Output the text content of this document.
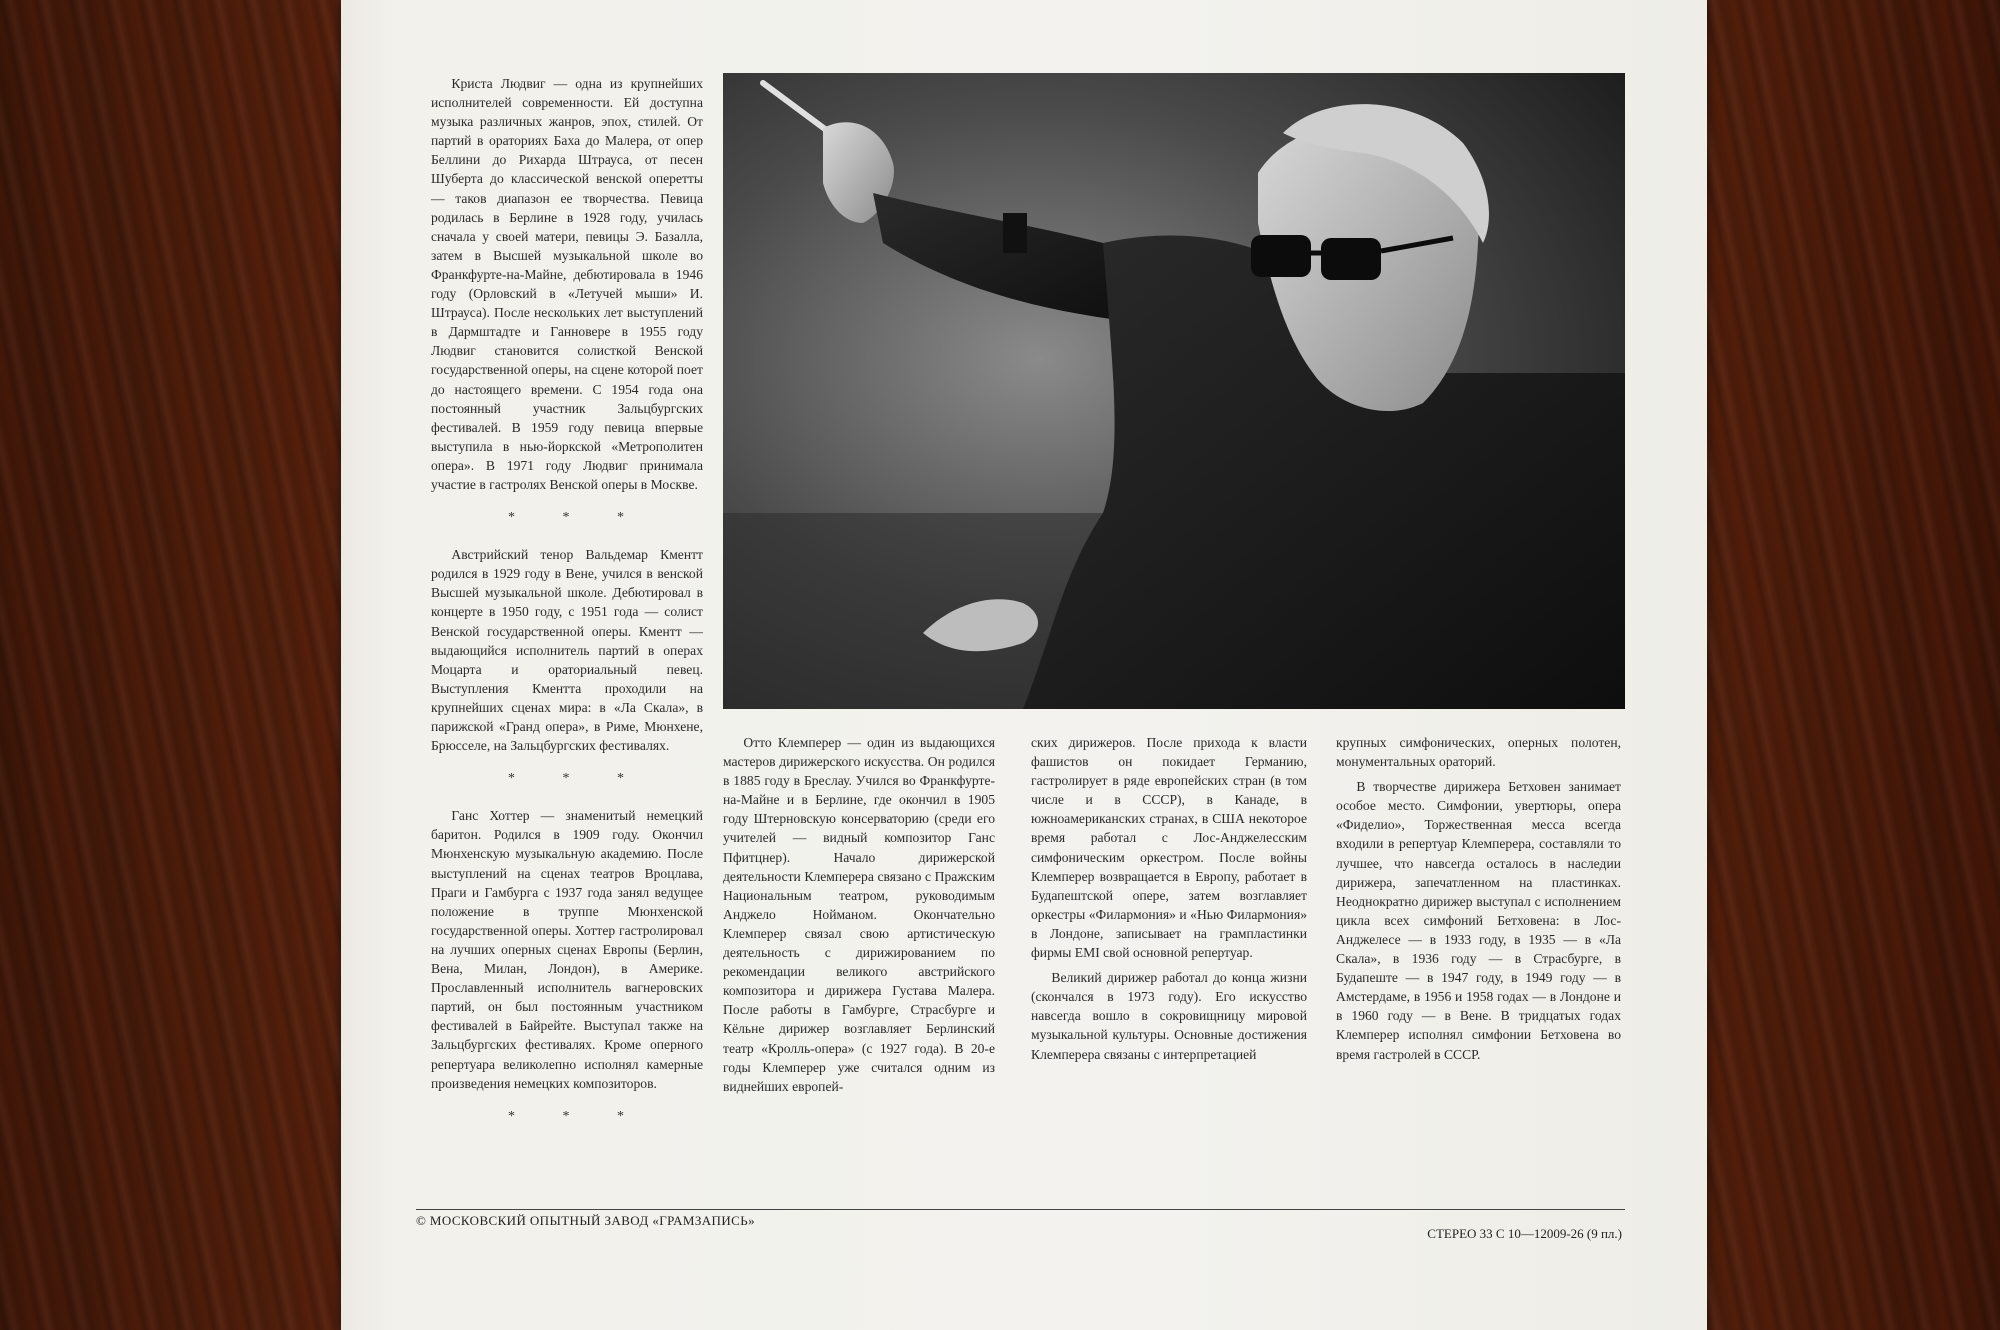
Криста Людвиг — одна из крупнейших исполнителей современности. Ей доступна музыка различных жанров, эпох, стилей. От партий в ораториях Баха до Малера, от опер Беллини до Рихарда Штрауса, от песен Шуберта до классической венской оперетты — таков диапазон ее творчества. Певица родилась в Берлине в 1928 году, училась сначала у своей матери, певицы Э. Базалла, затем в Высшей музыкальной школе во Франкфурте-на-Майне, дебютировала в 1946 году (Орловский в «Летучей мыши» И. Штрауса). После нескольких лет выступлений в Дармштадте и Ганновере в 1955 году Людвиг становится солисткой Венской государственной оперы, на сцене которой поет до настоящего времени. С 1954 года она постоянный участник Зальцбургских фестивалей. В 1959 году певица впервые выступила в нью-йоркской «Метрополитен опера». В 1971 году Людвиг принимала участие в гастролях Венской оперы в Москве.

* * *

Австрийский тенор Вальдемар Кментт родился в 1929 году в Вене, учился в венской Высшей музыкальной школе. Дебютировал в концерте в 1950 году, с 1951 года — солист Венской государственной оперы. Кментт — выдающийся исполнитель партий в операх Моцарта и ораториальный певец. Выступления Кментта проходили на крупнейших сценах мира: в «Ла Скала», в парижской «Гранд опера», в Риме, Мюнхене, Брюсселе, на Зальцбургских фестивалях.

* * *

Ганс Хоттер — знаменитый немецкий баритон. Родился в 1909 году. Окончил Мюнхенскую музыкальную академию. После выступлений на сценах театров Вроцлава, Праги и Гамбурга с 1937 года занял ведущее положение в труппе Мюнхенской государственной оперы. Хоттер гастролировал на лучших оперных сценах Европы (Берлин, Вена, Милан, Лондон), в Америке. Прославленный исполнитель вагнеровских партий, он был постоянным участником фестивалей в Байрейте. Выступал также на Зальцбургских фестивалях. Кроме оперного репертуара великолепно исполнял камерные произведения немецких композиторов.

* * *

Отто Клемперер — один из выдающихся мастеров дирижерского искусства. Он родился в 1885 году в Бреслау. Учился во Франкфурте-на-Майне и в Берлине, где окончил в 1905 году Штерновскую консерваторию (среди его учителей — видный композитор Ганс Пфитцнер). Начало дирижерской деятельности Клемперера связано с Пражским Национальным театром, руководимым Анджело Нойманом. Окончательно Клемперер связал свою артистическую деятельность с дирижированием по рекомендации великого австрийского композитора и дирижера Густава Малера. После работы в Гамбурге, Страсбурге и Кёльне дирижер возглавляет Берлинский театр «Кролль-опера» (с 1927 года). В 20-е годы Клемперер уже считался одним из виднейших европей-

ских дирижеров. После прихода к власти фашистов он покидает Германию, гастролирует в ряде европейских стран (в том числе и в СССР), в Канаде, в южноамериканских странах, в США некоторое время работал с Лос-Анджелесским симфоническим оркестром. После войны Клемперер возвращается в Европу, работает в Будапештской опере, затем возглавляет оркестры «Филармония» и «Нью Филармония» в Лондоне, записывает на грампластинки фирмы EMI свой основной репертуар.

Великий дирижер работал до конца жизни (скончался в 1973 году). Его искусство навсегда вошло в сокровищницу мировой музыкальной культуры. Основные достижения Клемперера связаны с интерпретацией

крупных симфонических, оперных полотен, монументальных ораторий.

В творчестве дирижера Бетховен занимает особое место. Симфонии, увертюры, опера «Фиделио», Торжественная месса всегда входили в репертуар Клемперера, составляли то лучшее, что навсегда осталось в наследии дирижера, запечатленном на пластинках. Неоднократно дирижер выступал с исполнением цикла всех симфоний Бетховена: в Лос-Анджелесе — в 1933 году, в 1935 — в «Ла Скала», в 1936 году — в Страсбурге, в Будапеште — в 1947 году, в 1949 году — в Амстердаме, в 1956 и 1958 годах — в Лондоне и в 1960 году — в Вене. В тридцатых годах Клемперер исполнял симфонии Бетховена во время гастролей в СССР.

© МОСКОВСКИЙ ОПЫТНЫЙ ЗАВОД «ГРАМЗАПИСЬ»
СТЕРЕО 33 С 10—12009-26 (9 пл.)
